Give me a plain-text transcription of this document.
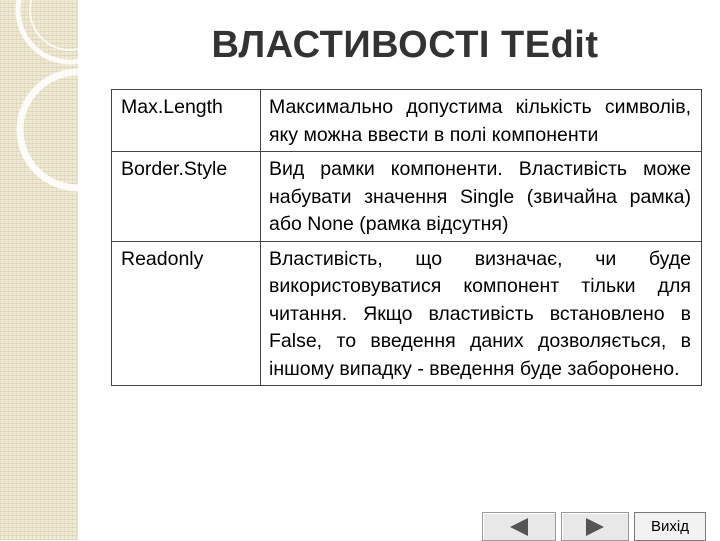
ВЛАСТИВОСТІ TEdit
Max.Length	Максимально допустима кількість символів, яку можна ввести в полі компоненти
Border.Style	Вид рамки компоненти. Властивість може набувати значення Single (звичайна рамка) або None (рамка відсутня)
Readonly	Властивість, що визначає, чи буде використовуватися компонент тільки для читання. Якщо властивість встановлено в False, то введення даних дозволяється, в іншому випадку - введення буде заборонено.
Вихід
